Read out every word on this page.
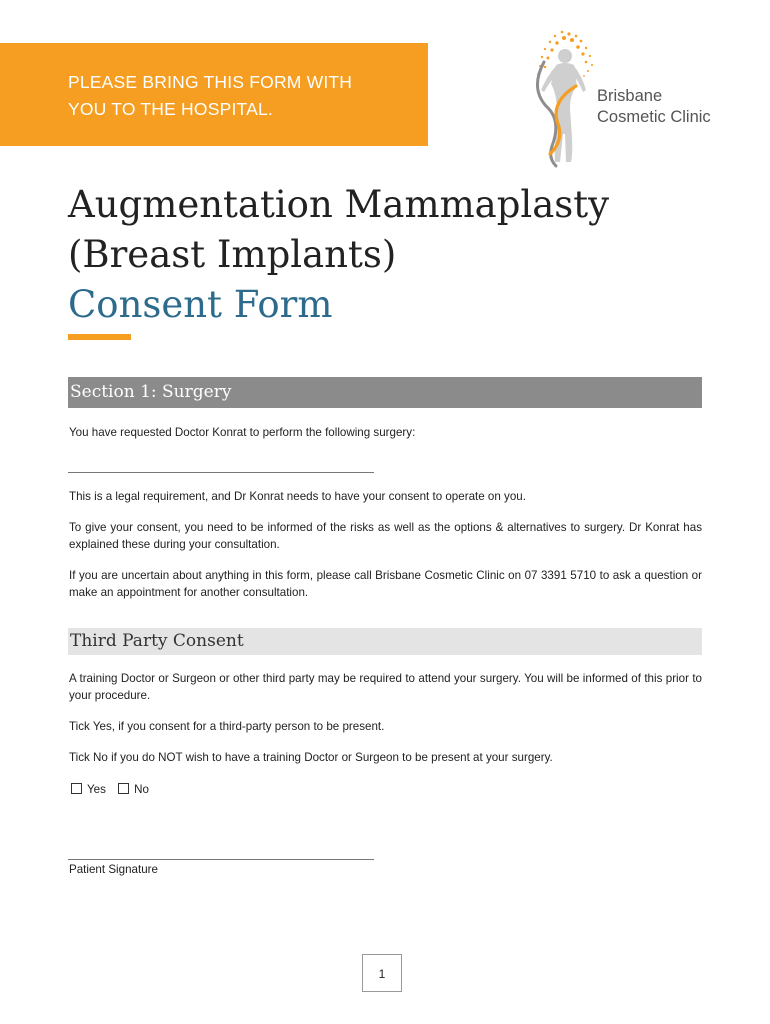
PLEASE BRING THIS FORM WITH
YOU TO THE HOSPITAL.
Brisbane
Cosmetic Clinic
Augmentation Mammaplasty
(Breast Implants)
Consent Form
Section 1: Surgery

You have requested Doctor Konrat to perform the following surgery:

This is a legal requirement, and Dr Konrat needs to have your consent to operate on you.

To give your consent, you need to be informed of the risks as well as the options & alternatives to surgery. Dr Konrat has explained these during your consultation.

If you are uncertain about anything in this form, please call Brisbane Cosmetic Clinic on 07 3391 5710 to ask a question or make an appointment for another consultation.

Third Party Consent

A training Doctor or Surgeon or other third party may be required to attend your surgery. You will be informed of this prior to your procedure.

Tick Yes, if you consent for a third-party person to be present.

Tick No if you do NOT wish to have a training Doctor or Surgeon to be present at your surgery.

Yes No

Patient Signature

1
